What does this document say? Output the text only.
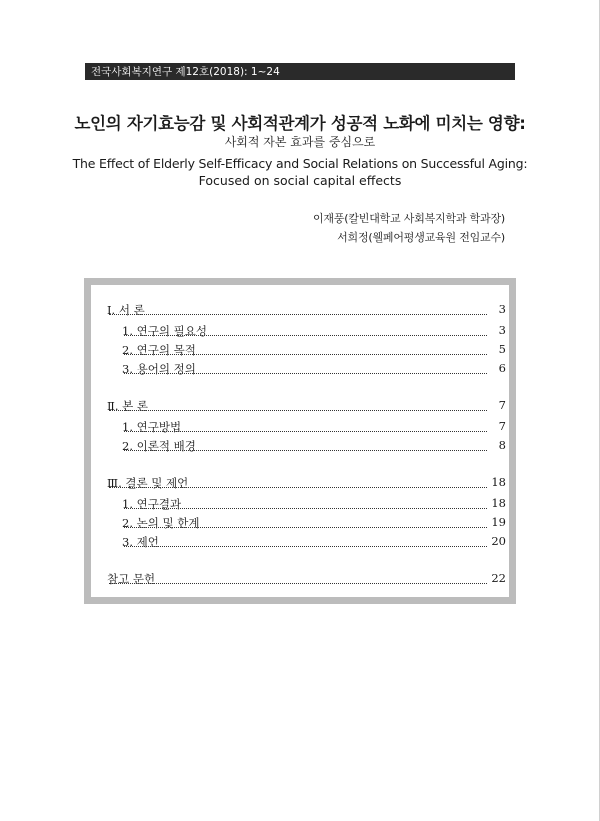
전국사회복지연구 제12호(2018): 1~24
노인의 자기효능감 및 사회적관계가 성공적 노화에 미치는 영향:
사회적 자본 효과를 중심으로
The Effect of Elderly Self-Efficacy and Social Relations on Successful Aging:
Focused on social capital effects
이재풍(칼빈대학교 사회복지학과 학과장)
서희정(웰페어평생교육원 전임교수)
Ⅰ. 서 론	3
1. 연구의 필요성	3
2. 연구의 목적	5
3. 용어의 정의	6
Ⅱ. 본 론	7
1. 연구방법	7
2. 이론적 배경	8
Ⅲ. 결론 및 제언	18
1. 연구결과	18
2. 논의 및 한계	19
3. 제언	20
참고 문헌	22
